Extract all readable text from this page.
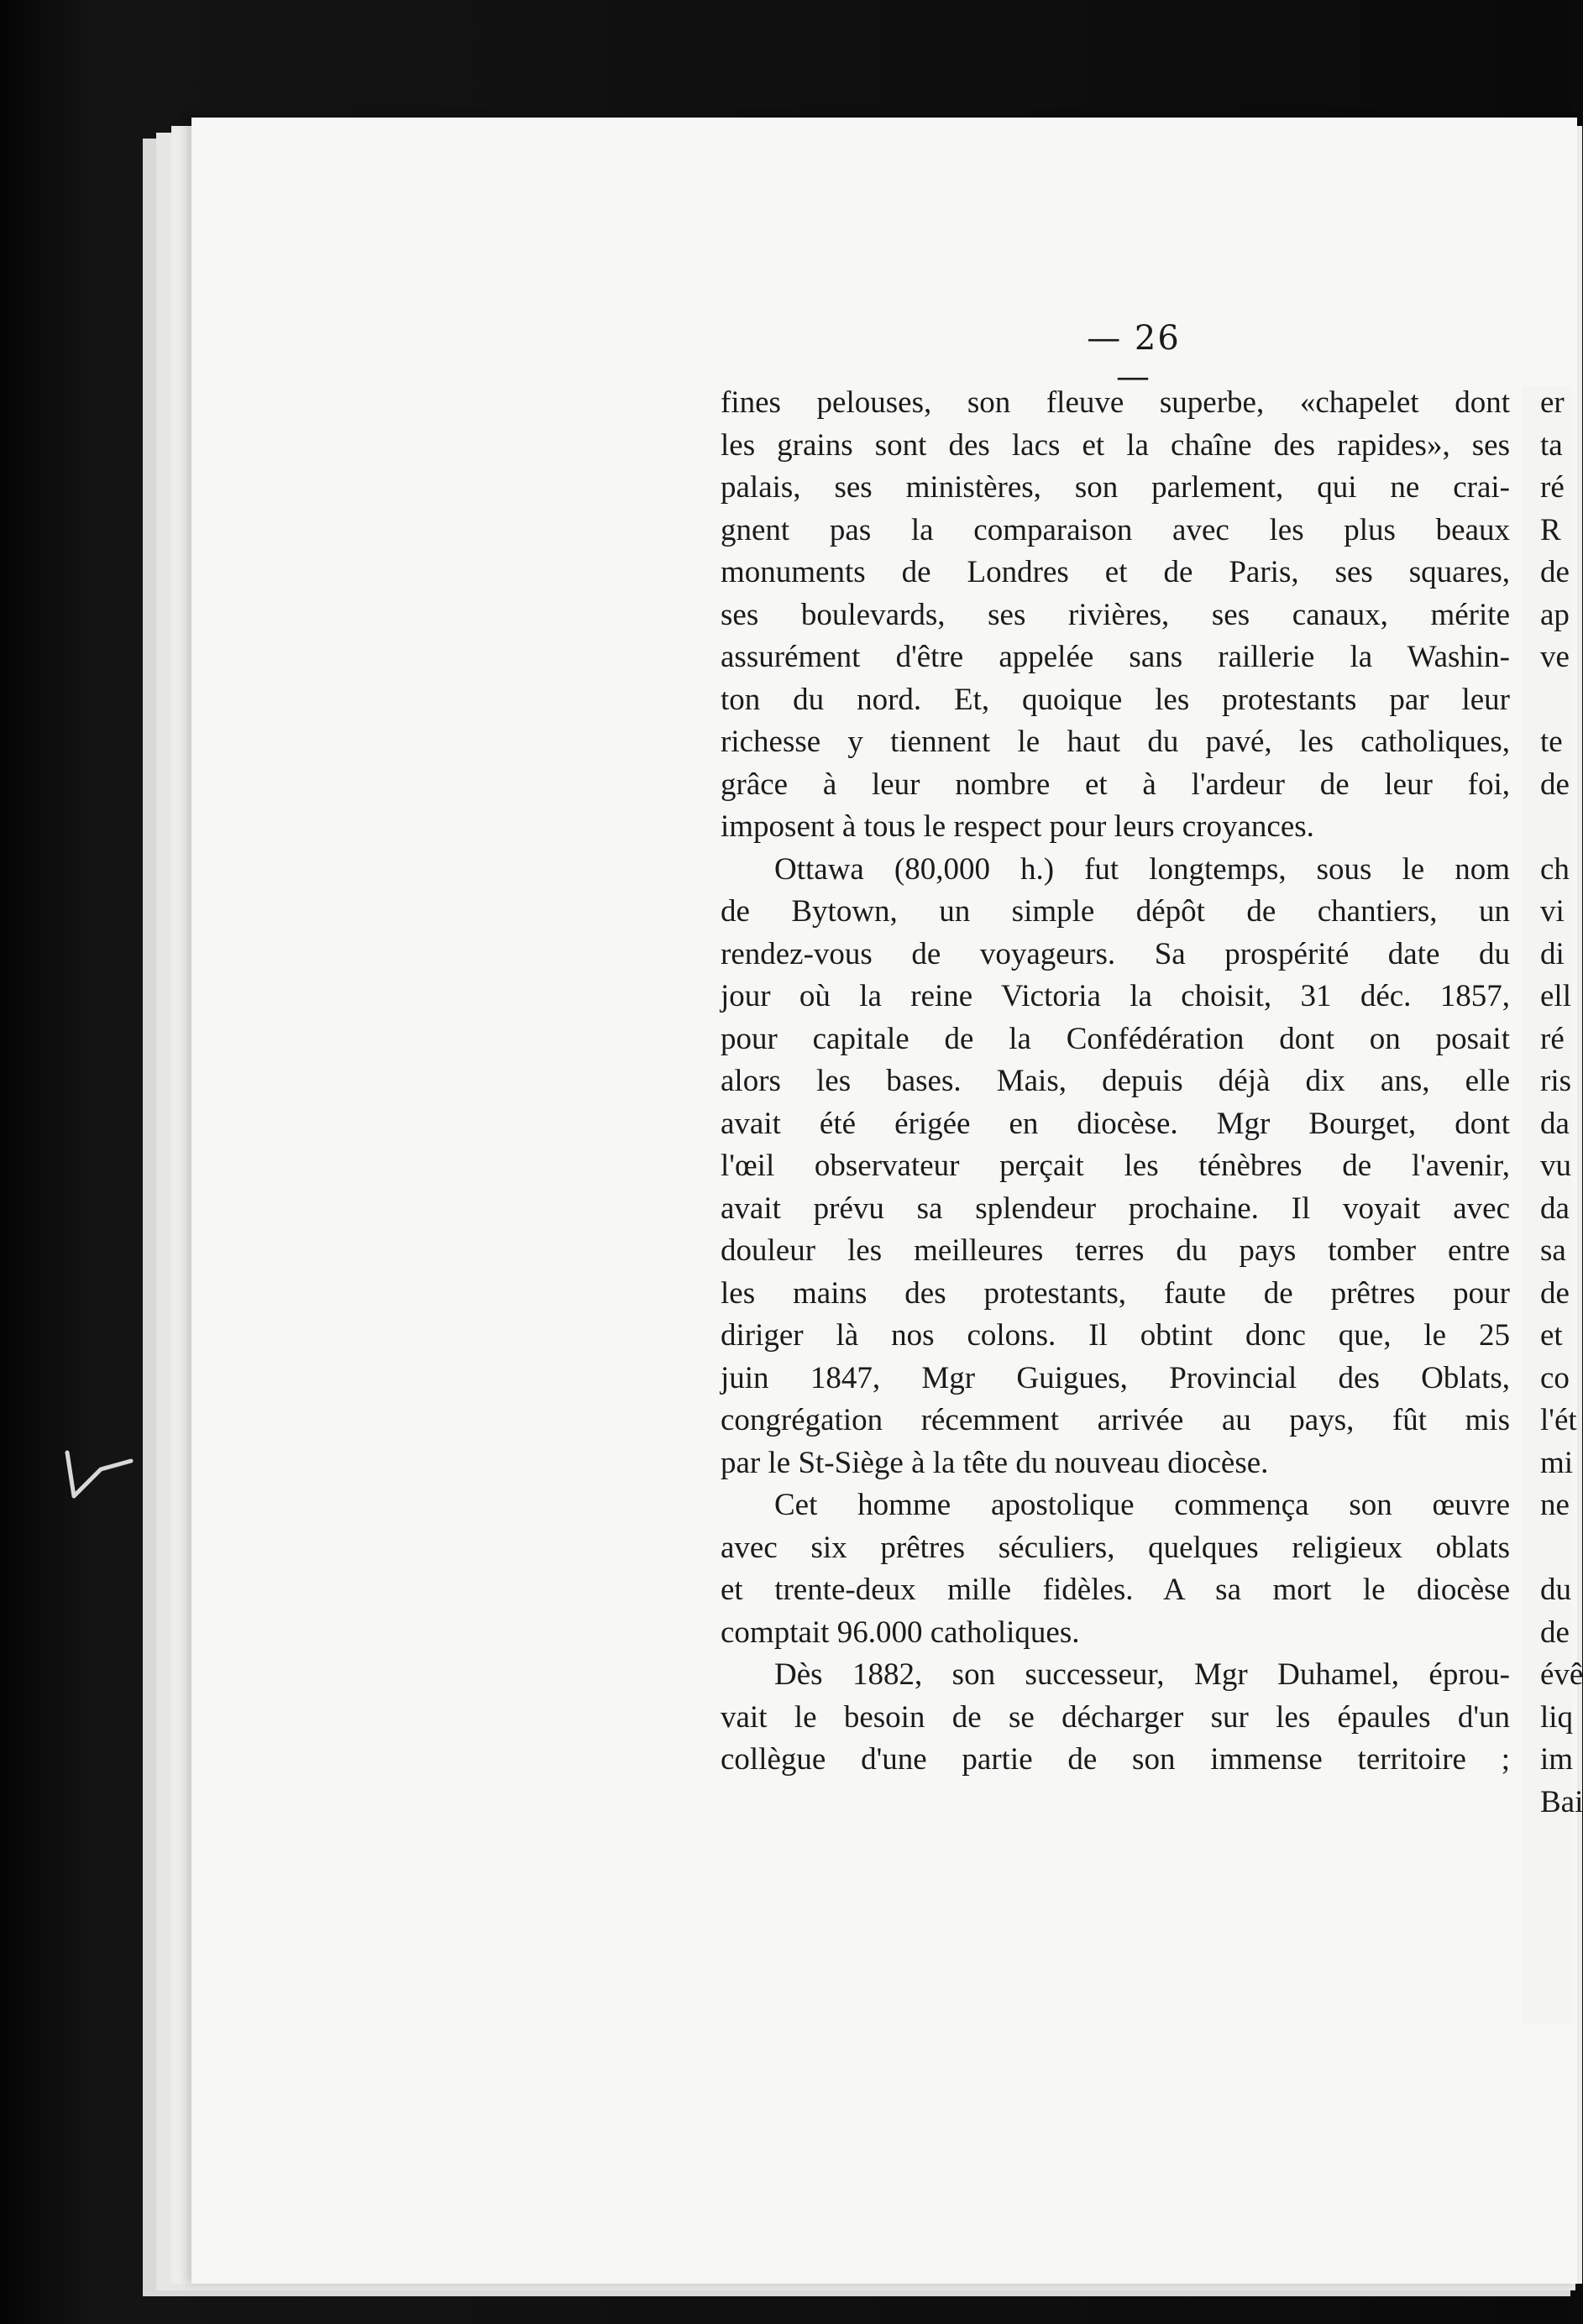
— 26 —
fines pelouses, son fleuve superbe, «chapelet dont
les grains sont des lacs et la chaîne des rapides», ses
palais, ses ministères, son parlement, qui ne crai-
gnent pas la comparaison avec les plus beaux
monuments de Londres et de Paris, ses squares,
ses boulevards, ses rivières, ses canaux, mérite
assurément d'être appelée sans raillerie la Washin-
ton du nord. Et, quoique les protestants par leur
richesse y tiennent le haut du pavé, les catholiques,
grâce à leur nombre et à l'ardeur de leur foi,
imposent à tous le respect pour leurs croyances.
Ottawa (80,000 h.) fut longtemps, sous le nom
de Bytown, un simple dépôt de chantiers, un
rendez-vous de voyageurs. Sa prospérité date du
jour où la reine Victoria la choisit, 31 déc. 1857,
pour capitale de la Confédération dont on posait
alors les bases. Mais, depuis déjà dix ans, elle
avait été érigée en diocèse. Mgr Bourget, dont
l'œil observateur perçait les ténèbres de l'avenir,
avait prévu sa splendeur prochaine. Il voyait avec
douleur les meilleures terres du pays tomber entre
les mains des protestants, faute de prêtres pour
diriger là nos colons. Il obtint donc que, le 25
juin 1847, Mgr Guigues, Provincial des Oblats,
congrégation récemment arrivée au pays, fût mis
par le St-Siège à la tête du nouveau diocèse.
Cet homme apostolique commença son œuvre
avec six prêtres séculiers, quelques religieux oblats
et trente-deux mille fidèles. A sa mort le diocèse
comptait 96.000 catholiques.
Dès 1882, son successeur, Mgr Duhamel, éprou-
vait le besoin de se décharger sur les épaules d'un
collègue d'une partie de son immense territoire ;
er
ta
ré
R
de
ap
ve
te
de
ch
vi
di
ell
ré
ris
da
vu
da
sa
de
et
co
l'ét
mi
ne
du
de
évê
liq
im
Bai
